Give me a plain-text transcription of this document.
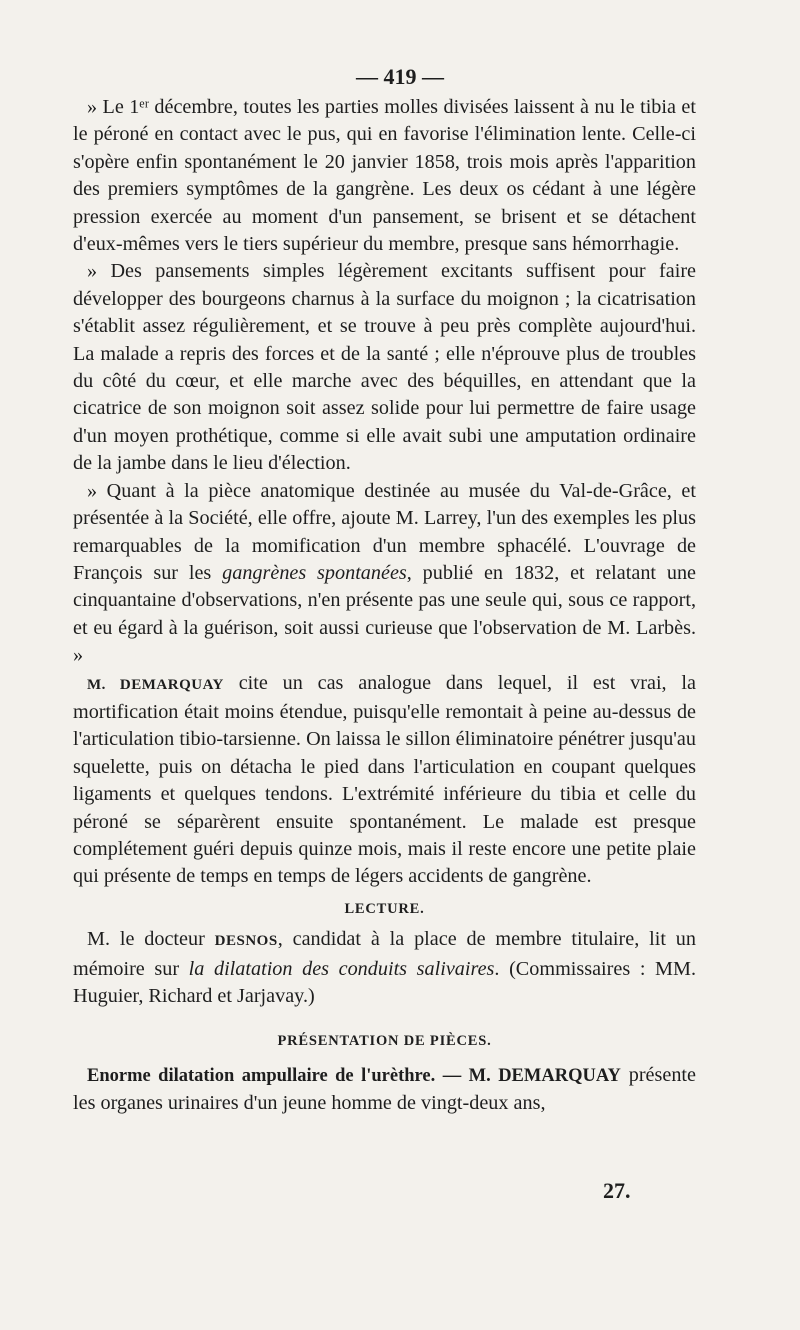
— 419 —

» Le 1ᵉʳ décembre, toutes les parties molles divisées laissent à nu le tibia et le péroné en contact avec le pus, qui en favorise l'élimination lente. Celle-ci s'opère enfin spontanément le 20 janvier 1858, trois mois après l'apparition des premiers symptômes de la gangrène. Les deux os cédant à une légère pression exercée au moment d'un pansement, se brisent et se détachent d'eux-mêmes vers le tiers supérieur du membre, presque sans hémorrhagie.

» Des pansements simples légèrement excitants suffisent pour faire développer des bourgeons charnus à la surface du moignon ; la cicatrisation s'établit assez régulièrement, et se trouve à peu près complète aujourd'hui. La malade a repris des forces et de la santé ; elle n'éprouve plus de troubles du côté du cœur, et elle marche avec des béquilles, en attendant que la cicatrice de son moignon soit assez solide pour lui permettre de faire usage d'un moyen prothétique, comme si elle avait subi une amputation ordinaire de la jambe dans le lieu d'élection.

» Quant à la pièce anatomique destinée au musée du Val-de-Grâce, et présentée à la Société, elle offre, ajoute M. Larrey, l'un des exemples les plus remarquables de la momification d'un membre sphacélé. L'ouvrage de François sur les gangrènes spontanées, publié en 1832, et relatant une cinquantaine d'observations, n'en présente pas une seule qui, sous ce rapport, et eu égard à la guérison, soit aussi curieuse que l'observation de M. Larbès. »

M. DEMARQUAY cite un cas analogue dans lequel, il est vrai, la mortification était moins étendue, puisqu'elle remontait à peine au-dessus de l'articulation tibio-tarsienne. On laissa le sillon éliminatoire pénétrer jusqu'au squelette, puis on détacha le pied dans l'articulation en coupant quelques ligaments et quelques tendons. L'extrémité inférieure du tibia et celle du péroné se séparèrent ensuite spontanément. Le malade est presque complétement guéri depuis quinze mois, mais il reste encore une petite plaie qui présente de temps en temps de légers accidents de gangrène.

LECTURE.

M. le docteur DESNOS, candidat à la place de membre titulaire, lit un mémoire sur la dilatation des conduits salivaires. (Commissaires : MM. Huguier, Richard et Jarjavay.)

PRÉSENTATION DE PIÈCES.

Enorme dilatation ampullaire de l'urèthre. — M. DEMARQUAY présente les organes urinaires d'un jeune homme de vingt-deux ans,

27.
